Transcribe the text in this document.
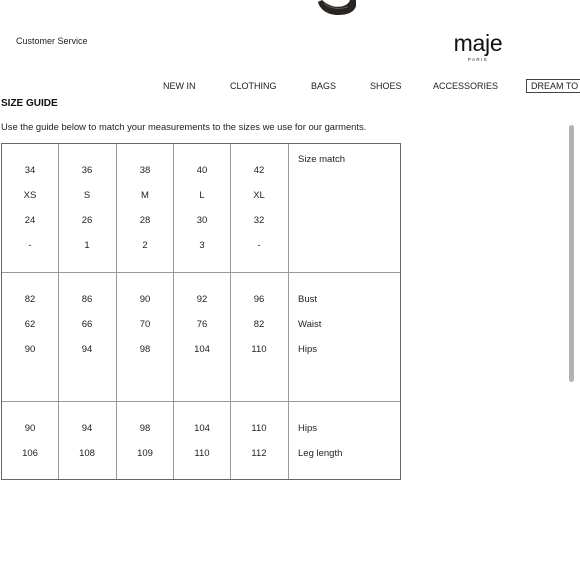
Customer Service	maje
PARIS
NEW IN	CLOTHING	BAGS	SHOES	ACCESSORIES	DREAM TO
SIZE GUIDE
Use the guide below to match your measurements to the sizes we use for our garments.
Size match
34	36	38	40	42
XS	S	M	L	XL
24	26	28	30	32
-	1	2	3	-
82	86	90	92	96	Bust
62	66	70	76	82	Waist
90	94	98	104	110	Hips
90	94	98	104	110	Hips
106	108	109	110	112	Leg length
